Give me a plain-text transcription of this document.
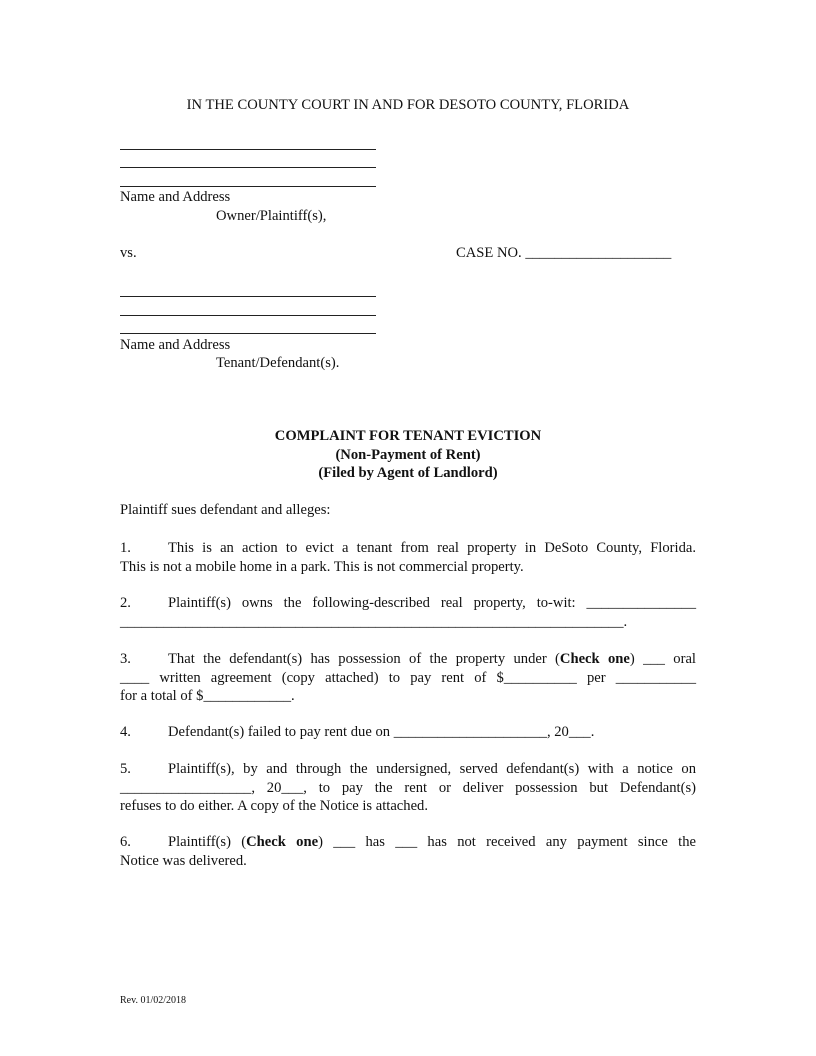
IN THE COUNTY COURT IN AND FOR DESOTO COUNTY, FLORIDA
Name and Address
Owner/Plaintiff(s),
vs.	CASE NO. ____________________
Name and Address
Tenant/Defendant(s).
COMPLAINT FOR TENANT EVICTION
(Non-Payment of Rent)
(Filed by Agent of Landlord)
Plaintiff sues defendant and alleges:
1.	This is an action to evict a tenant from real property in DeSoto County, Florida.
This is not a mobile home in a park. This is not commercial property.
2.	Plaintiff(s) owns the following-described real property, to-wit: _______________
_____________________________________________________________________.
3.	That the defendant(s) has possession of the property under (Check one) ___ oral
____ written agreement (copy attached) to pay rent of $__________ per ___________
for a total of $____________.
4.	Defendant(s) failed to pay rent due on _____________________, 20___.
5.	Plaintiff(s), by and through the undersigned, served defendant(s) with a notice on
__________________, 20___, to pay the rent or deliver possession but Defendant(s)
refuses to do either. A copy of the Notice is attached.
6.	Plaintiff(s) (Check one) ___ has ___ has not received any payment since the
Notice was delivered.
Rev. 01/02/2018
